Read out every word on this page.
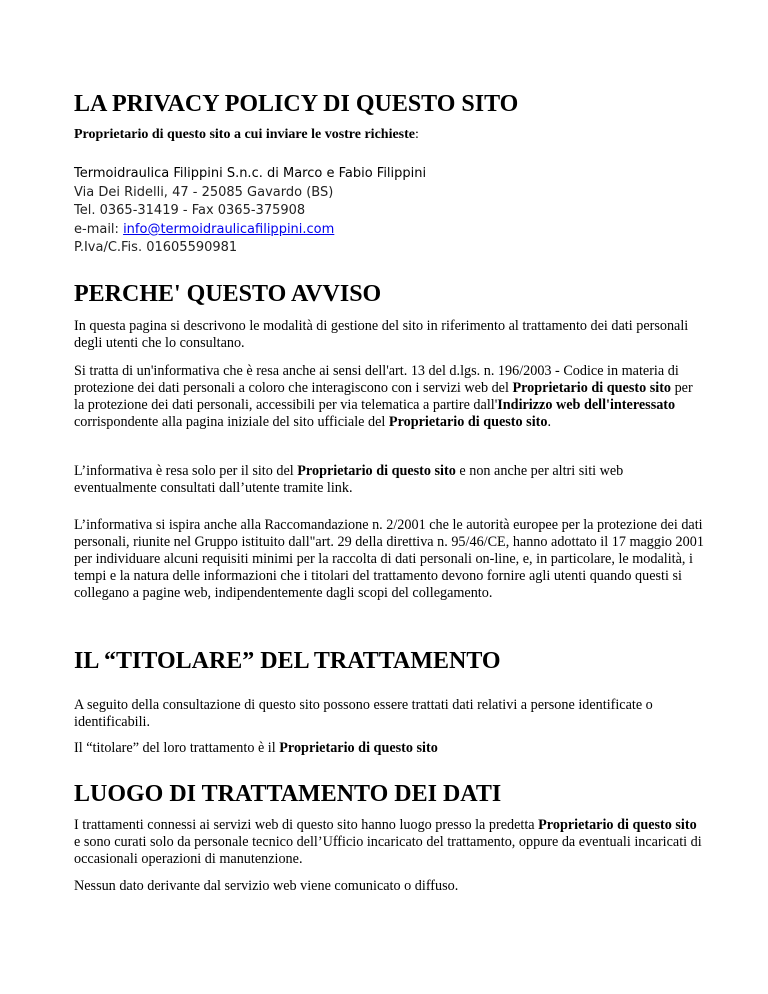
LA PRIVACY POLICY DI QUESTO SITO
Proprietario di questo sito a cui inviare le vostre richieste:
Termoidraulica Filippini S.n.c. di Marco e Fabio Filippini
Via Dei Ridelli, 47 - 25085 Gavardo (BS)
Tel. 0365-31419 - Fax 0365-375908
e-mail: info@termoidraulicafilippini.com
P.Iva/C.Fis. 01605590981
PERCHE' QUESTO AVVISO

In questa pagina si descrivono le modalità di gestione del sito in riferimento al trattamento dei dati personali degli utenti che lo consultano.

Si tratta di un'informativa che è resa anche ai sensi dell'art. 13 del d.lgs. n. 196/2003 - Codice in materia di protezione dei dati personali a coloro che interagiscono con i servizi web del Proprietario di questo sito per la protezione dei dati personali, accessibili per via telematica a partire dall'Indirizzo web dell'interessato corrispondente alla pagina iniziale del sito ufficiale del Proprietario di questo sito.

L’informativa è resa solo per il sito del Proprietario di questo sito e non anche per altri siti web eventualmente consultati dall’utente tramite link.

L’informativa si ispira anche alla Raccomandazione n. 2/2001 che le autorità europee per la protezione dei dati personali, riunite nel Gruppo istituito dall"art. 29 della direttiva n. 95/46/CE, hanno adottato il 17 maggio 2001 per individuare alcuni requisiti minimi per la raccolta di dati personali on-line, e, in particolare, le modalità, i tempi e la natura delle informazioni che i titolari del trattamento devono fornire agli utenti quando questi si collegano a pagine web, indipendentemente dagli scopi del collegamento.

IL “TITOLARE” DEL TRATTAMENTO

A seguito della consultazione di questo sito possono essere trattati dati relativi a persone identificate o identificabili.

Il “titolare” del loro trattamento è il Proprietario di questo sito

LUOGO DI TRATTAMENTO DEI DATI

I trattamenti connessi ai servizi web di questo sito hanno luogo presso la predetta Proprietario di questo sito e sono curati solo da personale tecnico dell’Ufficio incaricato del trattamento, oppure da eventuali incaricati di occasionali operazioni di manutenzione.

Nessun dato derivante dal servizio web viene comunicato o diffuso.
